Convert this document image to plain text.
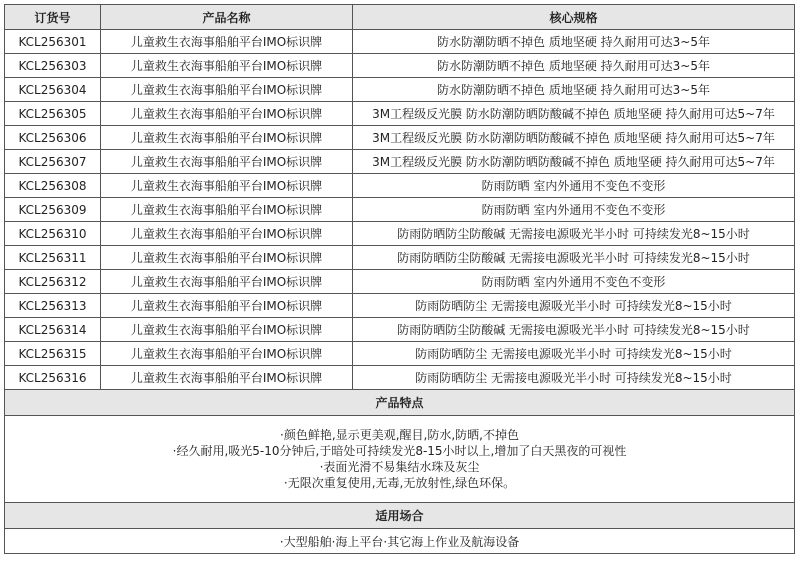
订货号	产品名称	核心规格
KCL256301	儿童救生衣海事船舶平台IMO标识牌	防水防潮防晒不掉色 质地坚硬 持久耐用可达3~5年
KCL256303	儿童救生衣海事船舶平台IMO标识牌	防水防潮防晒不掉色 质地坚硬 持久耐用可达3~5年
KCL256304	儿童救生衣海事船舶平台IMO标识牌	防水防潮防晒不掉色 质地坚硬 持久耐用可达3~5年
KCL256305	儿童救生衣海事船舶平台IMO标识牌	3M工程级反光膜 防水防潮防晒防酸碱不掉色 质地坚硬 持久耐用可达5~7年
KCL256306	儿童救生衣海事船舶平台IMO标识牌	3M工程级反光膜 防水防潮防晒防酸碱不掉色 质地坚硬 持久耐用可达5~7年
KCL256307	儿童救生衣海事船舶平台IMO标识牌	3M工程级反光膜 防水防潮防晒防酸碱不掉色 质地坚硬 持久耐用可达5~7年
KCL256308	儿童救生衣海事船舶平台IMO标识牌	防雨防晒 室内外通用不变色不变形
KCL256309	儿童救生衣海事船舶平台IMO标识牌	防雨防晒 室内外通用不变色不变形
KCL256310	儿童救生衣海事船舶平台IMO标识牌	防雨防晒防尘防酸碱 无需接电源吸光半小时 可持续发光8~15小时
KCL256311	儿童救生衣海事船舶平台IMO标识牌	防雨防晒防尘防酸碱 无需接电源吸光半小时 可持续发光8~15小时
KCL256312	儿童救生衣海事船舶平台IMO标识牌	防雨防晒 室内外通用不变色不变形
KCL256313	儿童救生衣海事船舶平台IMO标识牌	防雨防晒防尘 无需接电源吸光半小时 可持续发光8~15小时
KCL256314	儿童救生衣海事船舶平台IMO标识牌	防雨防晒防尘防酸碱 无需接电源吸光半小时 可持续发光8~15小时
KCL256315	儿童救生衣海事船舶平台IMO标识牌	防雨防晒防尘 无需接电源吸光半小时 可持续发光8~15小时
KCL256316	儿童救生衣海事船舶平台IMO标识牌	防雨防晒防尘 无需接电源吸光半小时 可持续发光8~15小时
产品特点		

· 颜色鲜艳,显示更美观,醒目,防水,防晒,不掉色
· 经久耐用,吸光5-10分钟后,于暗处可持续发光8-15小时以上,增加了白天黑夜的可视性
· 表面光滑不易集结水珠及灰尘
· 无限次重复使用,无毒,无放射性,绿色环保。

适用场合		

· 大型船舶·海上平台·其它海上作业及航海设备
